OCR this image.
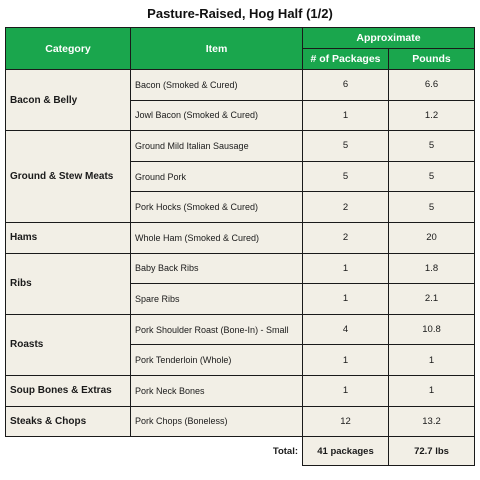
Pasture-Raised, Hog Half (1/2)
Category	Item	Approximate	
		# of Packages	Pounds
Bacon & Belly	Bacon (Smoked & Cured)	6	6.6
	Jowl Bacon (Smoked & Cured)	1	1.2
Ground & Stew Meats	Ground Mild Italian Sausage	5	5
	Ground Pork	5	5
	Pork Hocks (Smoked & Cured)	2	5
Hams	Whole Ham (Smoked & Cured)	2	20
Ribs	Baby Back Ribs	1	1.8
	Spare Ribs	1	2.1
Roasts	Pork Shoulder Roast (Bone-In) - Small	4	10.8
	Pork Tenderloin (Whole)	1	1
Soup Bones & Extras	Pork Neck Bones	1	1
Steaks & Chops	Pork Chops (Boneless)	12	13.2
	Total:	41 packages	72.7 lbs
